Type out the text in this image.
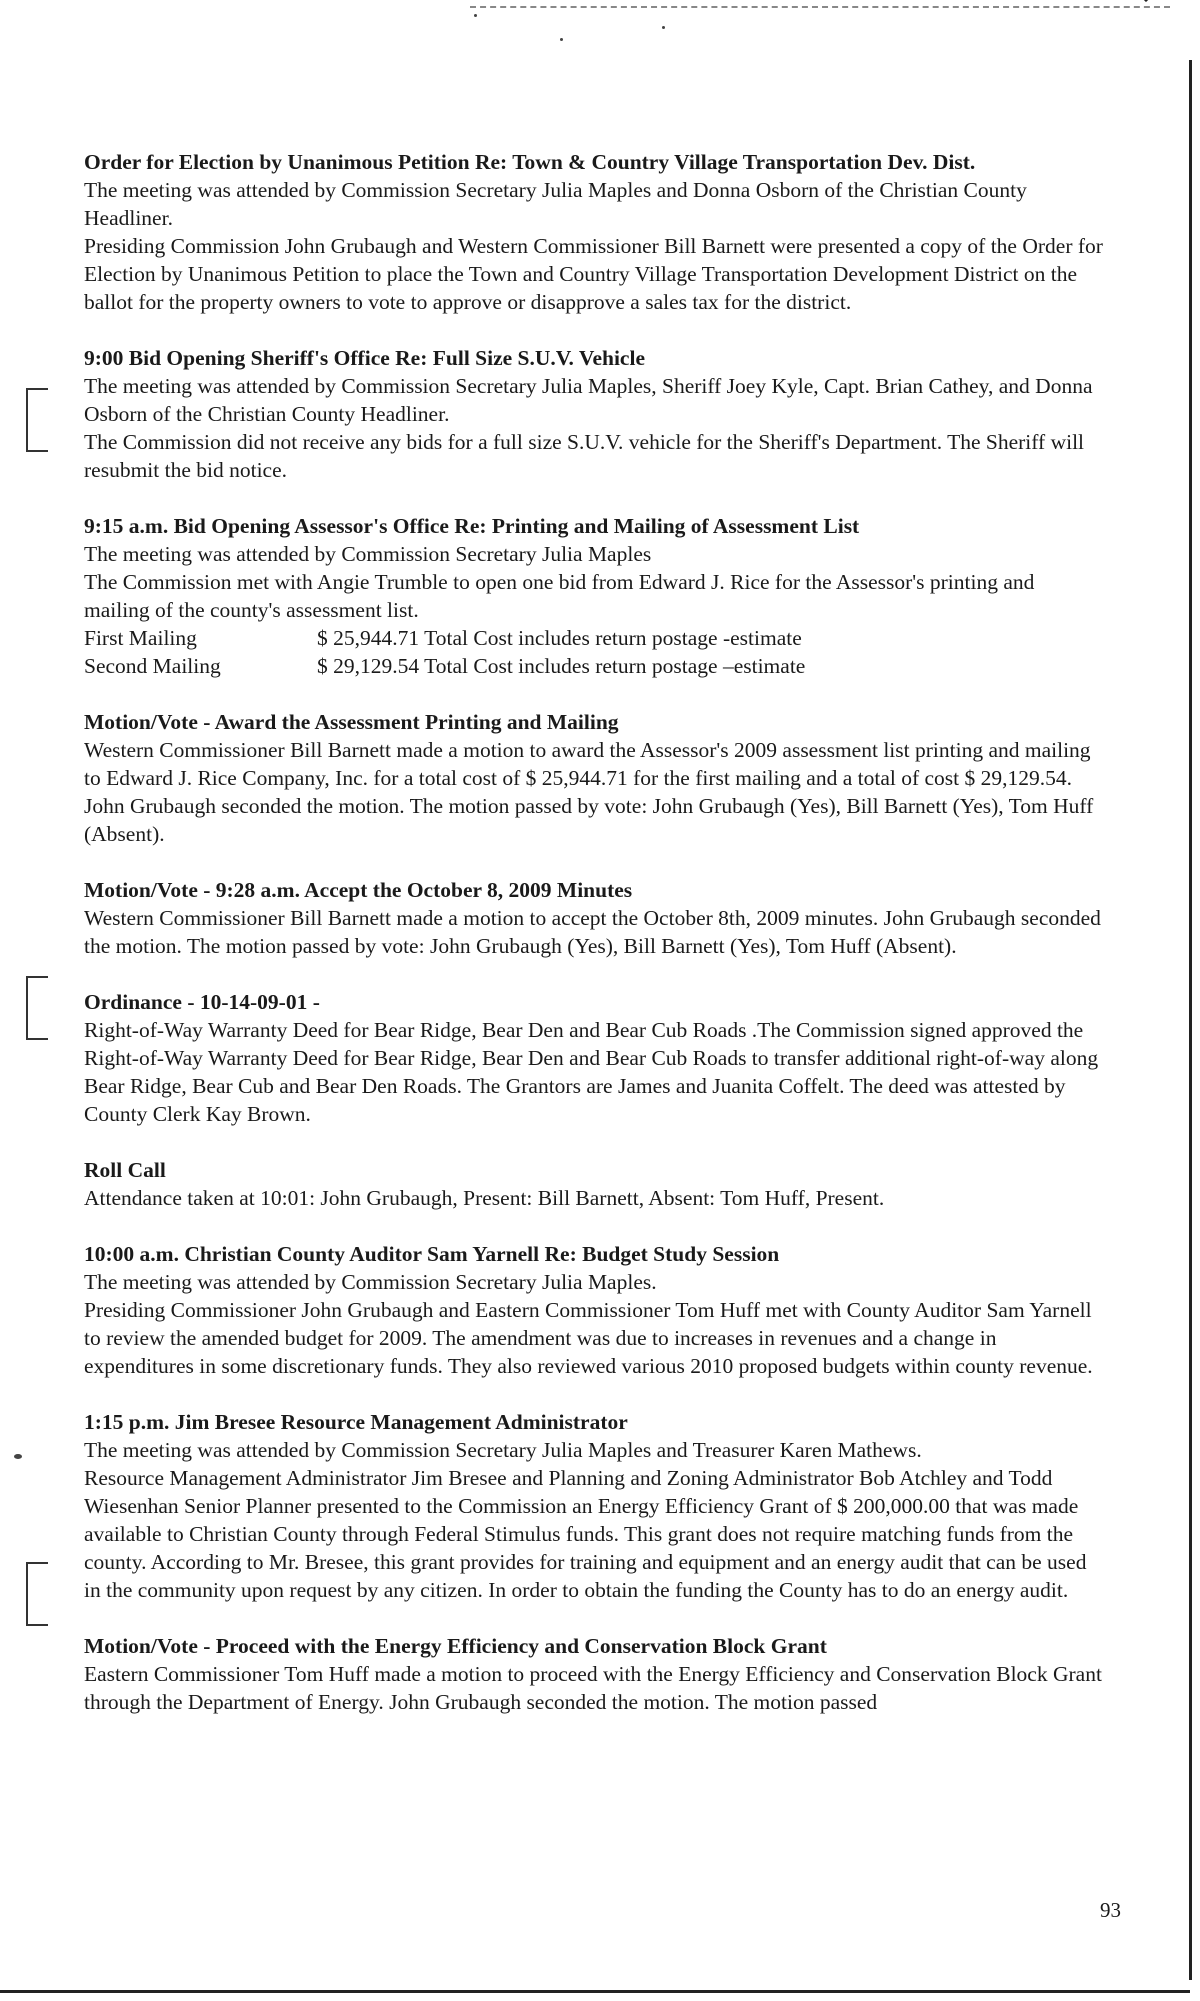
Order for Election by Unanimous Petition Re: Town & Country Village Transportation Dev. Dist.

The meeting was attended by Commission Secretary Julia Maples and Donna Osborn of the Christian County Headliner.

Presiding Commission John Grubaugh and Western Commissioner Bill Barnett were presented a copy of the Order for Election by Unanimous Petition to place the Town and Country Village Transportation Development District on the ballot for the property owners to vote to approve or disapprove a sales tax for the district.

9:00 Bid Opening Sheriff's Office Re: Full Size S.U.V. Vehicle

The meeting was attended by Commission Secretary Julia Maples, Sheriff Joey Kyle, Capt. Brian Cathey, and Donna Osborn of the Christian County Headliner.

The Commission did not receive any bids for a full size S.U.V. vehicle for the Sheriff's Department. The Sheriff will resubmit the bid notice.

9:15 a.m. Bid Opening Assessor's Office Re: Printing and Mailing of Assessment List

The meeting was attended by Commission Secretary Julia Maples

The Commission met with Angie Trumble to open one bid from Edward J. Rice for the Assessor's printing and mailing of the county's assessment list.

First Mailing	$ 25,944.71 Total Cost includes return postage -estimate
Second Mailing	$ 29,129.54 Total Cost includes return postage –estimate
Motion/Vote - Award the Assessment Printing and Mailing

Western Commissioner Bill Barnett made a motion to award the Assessor's 2009 assessment list printing and mailing to Edward J. Rice Company, Inc. for a total cost of $ 25,944.71 for the first mailing and a total of cost $ 29,129.54. John Grubaugh seconded the motion. The motion passed by vote: John Grubaugh (Yes), Bill Barnett (Yes), Tom Huff (Absent).

Motion/Vote - 9:28 a.m. Accept the October 8, 2009 Minutes

Western Commissioner Bill Barnett made a motion to accept the October 8th, 2009 minutes. John Grubaugh seconded the motion. The motion passed by vote: John Grubaugh (Yes), Bill Barnett (Yes), Tom Huff (Absent).

Ordinance - 10-14-09-01 -

Right-of-Way Warranty Deed for Bear Ridge, Bear Den and Bear Cub Roads .The Commission signed approved the Right-of-Way Warranty Deed for Bear Ridge, Bear Den and Bear Cub Roads to transfer additional right-of-way along Bear Ridge, Bear Cub and Bear Den Roads. The Grantors are James and Juanita Coffelt. The deed was attested by County Clerk Kay Brown.

Roll Call

Attendance taken at 10:01: John Grubaugh, Present: Bill Barnett, Absent: Tom Huff, Present.

10:00 a.m. Christian County Auditor Sam Yarnell Re: Budget Study Session

The meeting was attended by Commission Secretary Julia Maples.

Presiding Commissioner John Grubaugh and Eastern Commissioner Tom Huff met with County Auditor Sam Yarnell to review the amended budget for 2009. The amendment was due to increases in revenues and a change in expenditures in some discretionary funds. They also reviewed various 2010 proposed budgets within county revenue.

1:15 p.m. Jim Bresee Resource Management Administrator

The meeting was attended by Commission Secretary Julia Maples and Treasurer Karen Mathews.

Resource Management Administrator Jim Bresee and Planning and Zoning Administrator Bob Atchley and Todd Wiesenhan Senior Planner presented to the Commission an Energy Efficiency Grant of $ 200,000.00 that was made available to Christian County through Federal Stimulus funds. This grant does not require matching funds from the county. According to Mr. Bresee, this grant provides for training and equipment and an energy audit that can be used in the community upon request by any citizen. In order to obtain the funding the County has to do an energy audit.

Motion/Vote - Proceed with the Energy Efficiency and Conservation Block Grant

Eastern Commissioner Tom Huff made a motion to proceed with the Energy Efficiency and Conservation Block Grant through the Department of Energy. John Grubaugh seconded the motion. The motion passed

93
